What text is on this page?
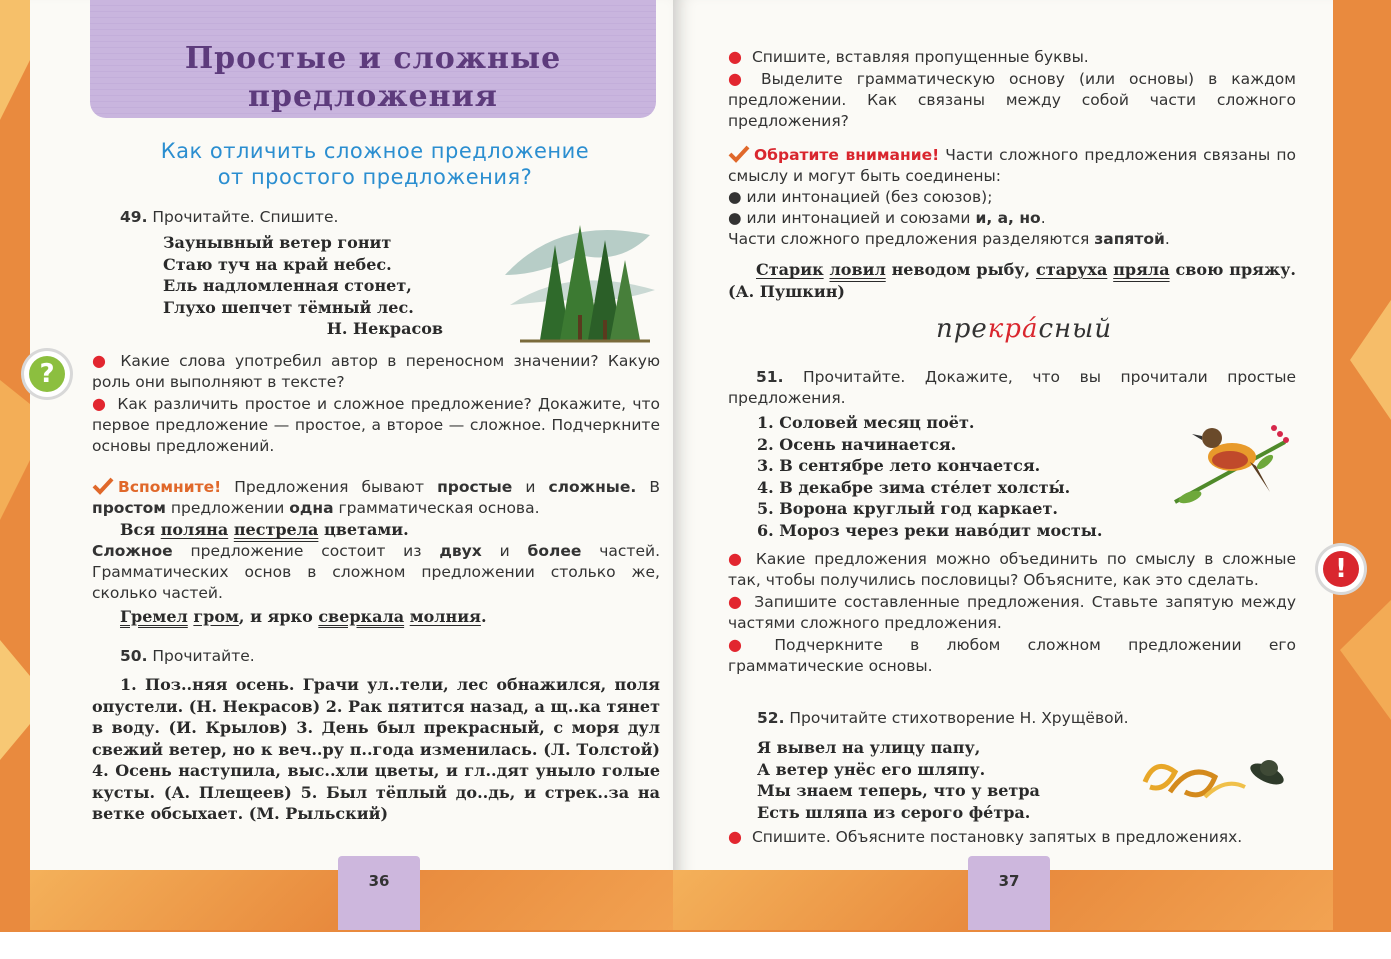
36
Простые и сложные
предложения
Как отличить сложное предложение
от простого предложения?
49. Прочитайте. Спишите.
Заунывный ветер гонит
Стаю туч на край небес.
Ель надломленная стонет,
Глухо шепчет тёмный лес.
Н. Некрасов
?	● Какие слова употребил автор в переносном значении? Какую роль они выполняют в тексте?
● Как различить простое и сложное предложение? Докажите, что первое предложение — простое, а второе — сложное. Подчеркните основы предложений.
Вспомните! Предложения бывают простые и сложные. В простом предложении одна грамматическая основа.
Вся поляна пестрела цветами.
Сложное предложение состоит из двух и более частей. Грамматических основ в сложном предложении столько же, сколько частей.
Гремел гром, и ярко сверкала молния.
50. Прочитайте.
1. Поз..няя осень. Грачи ул..тели, лес обнажился, поля опустели. (Н. Некрасов) 2. Рак пятится назад, а щ..ка тянет в воду. (И. Крылов) 3. День был прекрасный, с моря дул свежий ветер, но к веч..ру п..года изменилась. (Л. Толстой) 4. Осень наступила, выс..хли цветы, и гл..дят уныло голые кусты. (А. Плещеев) 5. Был тёплый до..дь, и стрек..за на ветке обсыхает. (М. Рыльский)
37
● Спишите, вставляя пропущенные буквы.
● Выделите грамматическую основу (или основы) в каждом предложении. Как связаны между собой части сложного предложения?
Обратите внимание! Части сложного предложения связаны по смыслу и могут быть соединены:
● или интонацией (без союзов);
● или интонацией и союзами и, а, но.
Части сложного предложения разделяются запятой.
Старик ловил неводом рыбу, старуха пряла свою пряжу. (А. Пушкин)
прекра́сный
51. Прочитайте. Докажите, что вы прочитали простые предложения.
1. Соловей месяц поёт.
2. Осень начинается.
3. В сентябре лето кончается.
4. В декабре зима сте́лет холсты́.
5. Ворона круглый год каркает.
6. Мороз через реки наво́дит мосты.
!
● Какие предложения можно объединить по смыслу в сложные так, чтобы получились пословицы? Объясните, как это сделать.
● Запишите составленные предложения. Ставьте запятую между частями сложного предложения.
● Подчеркните в любом сложном предложении его грамматические основы.
52. Прочитайте стихотворение Н. Хрущёвой.
Я вывел на улицу папу,
А ветер унёс его шляпу.
Мы знаем теперь, что у ветра
Есть шляпа из серого фе́тра.
● Спишите. Объясните постановку запятых в предложениях.
